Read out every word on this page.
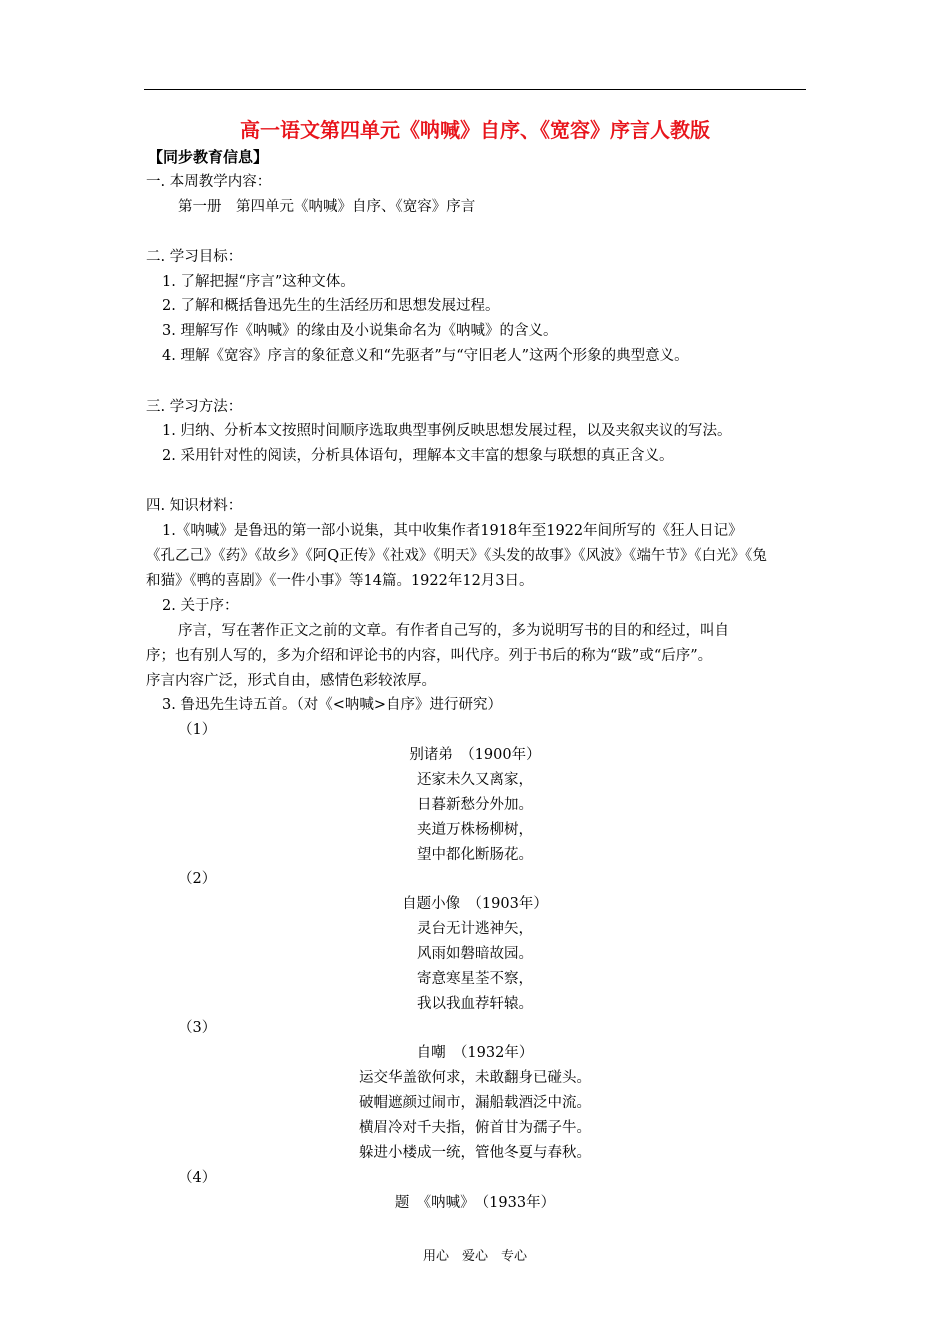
高一语文第四单元《呐喊》自序、《宽容》序言人教版
【同步教育信息】
一. 本周教学内容：
第一册　第四单元《呐喊》自序、《宽容》序言
二. 学习目标：
1. 了解把握“序言”这种文体。
2. 了解和概括鲁迅先生的生活经历和思想发展过程。
3. 理解写作《呐喊》的缘由及小说集命名为《呐喊》的含义。
4. 理解《宽容》序言的象征意义和“先驱者”与“守旧老人”这两个形象的典型意义。
三. 学习方法：
1. 归纳、分析本文按照时间顺序选取典型事例反映思想发展过程，以及夹叙夹议的写法。
2. 采用针对性的阅读，分析具体语句，理解本文丰富的想象与联想的真正含义。
四. 知识材料：
1.《呐喊》是鲁迅的第一部小说集，其中收集作者1918年至1922年间所写的《狂人日记》
《孔乙己》《药》《故乡》《阿Q正传》《社戏》《明天》《头发的故事》《风波》《端午节》《白光》《兔
和猫》《鸭的喜剧》《一件小事》等14篇。1922年12月3日。
2. 关于序：
序言，写在著作正文之前的文章。有作者自己写的，多为说明写书的目的和经过，叫自
序；也有别人写的，多为介绍和评论书的内容，叫代序。列于书后的称为“跋”或“后序”。
序言内容广泛，形式自由，感情色彩较浓厚。
3. 鲁迅先生诗五首。（对《<呐喊>自序》进行研究）
（1）
别诸弟　（1900年）
还家未久又离家，
日暮新愁分外加。
夹道万株杨柳树，
望中都化断肠花。
（2）
自题小像　（1903年）
灵台无计逃神矢，
风雨如磐暗故园。
寄意寒星荃不察，
我以我血荐轩辕。
（3）
自嘲　（1932年）
运交华盖欲何求，未敢翻身已碰头。
破帽遮颜过闹市，漏船载酒泛中流。
横眉冷对千夫指，俯首甘为孺子牛。
躲进小楼成一统，管他冬夏与春秋。
（4）
题　《呐喊》　（1933年）
用心　爱心　专心
